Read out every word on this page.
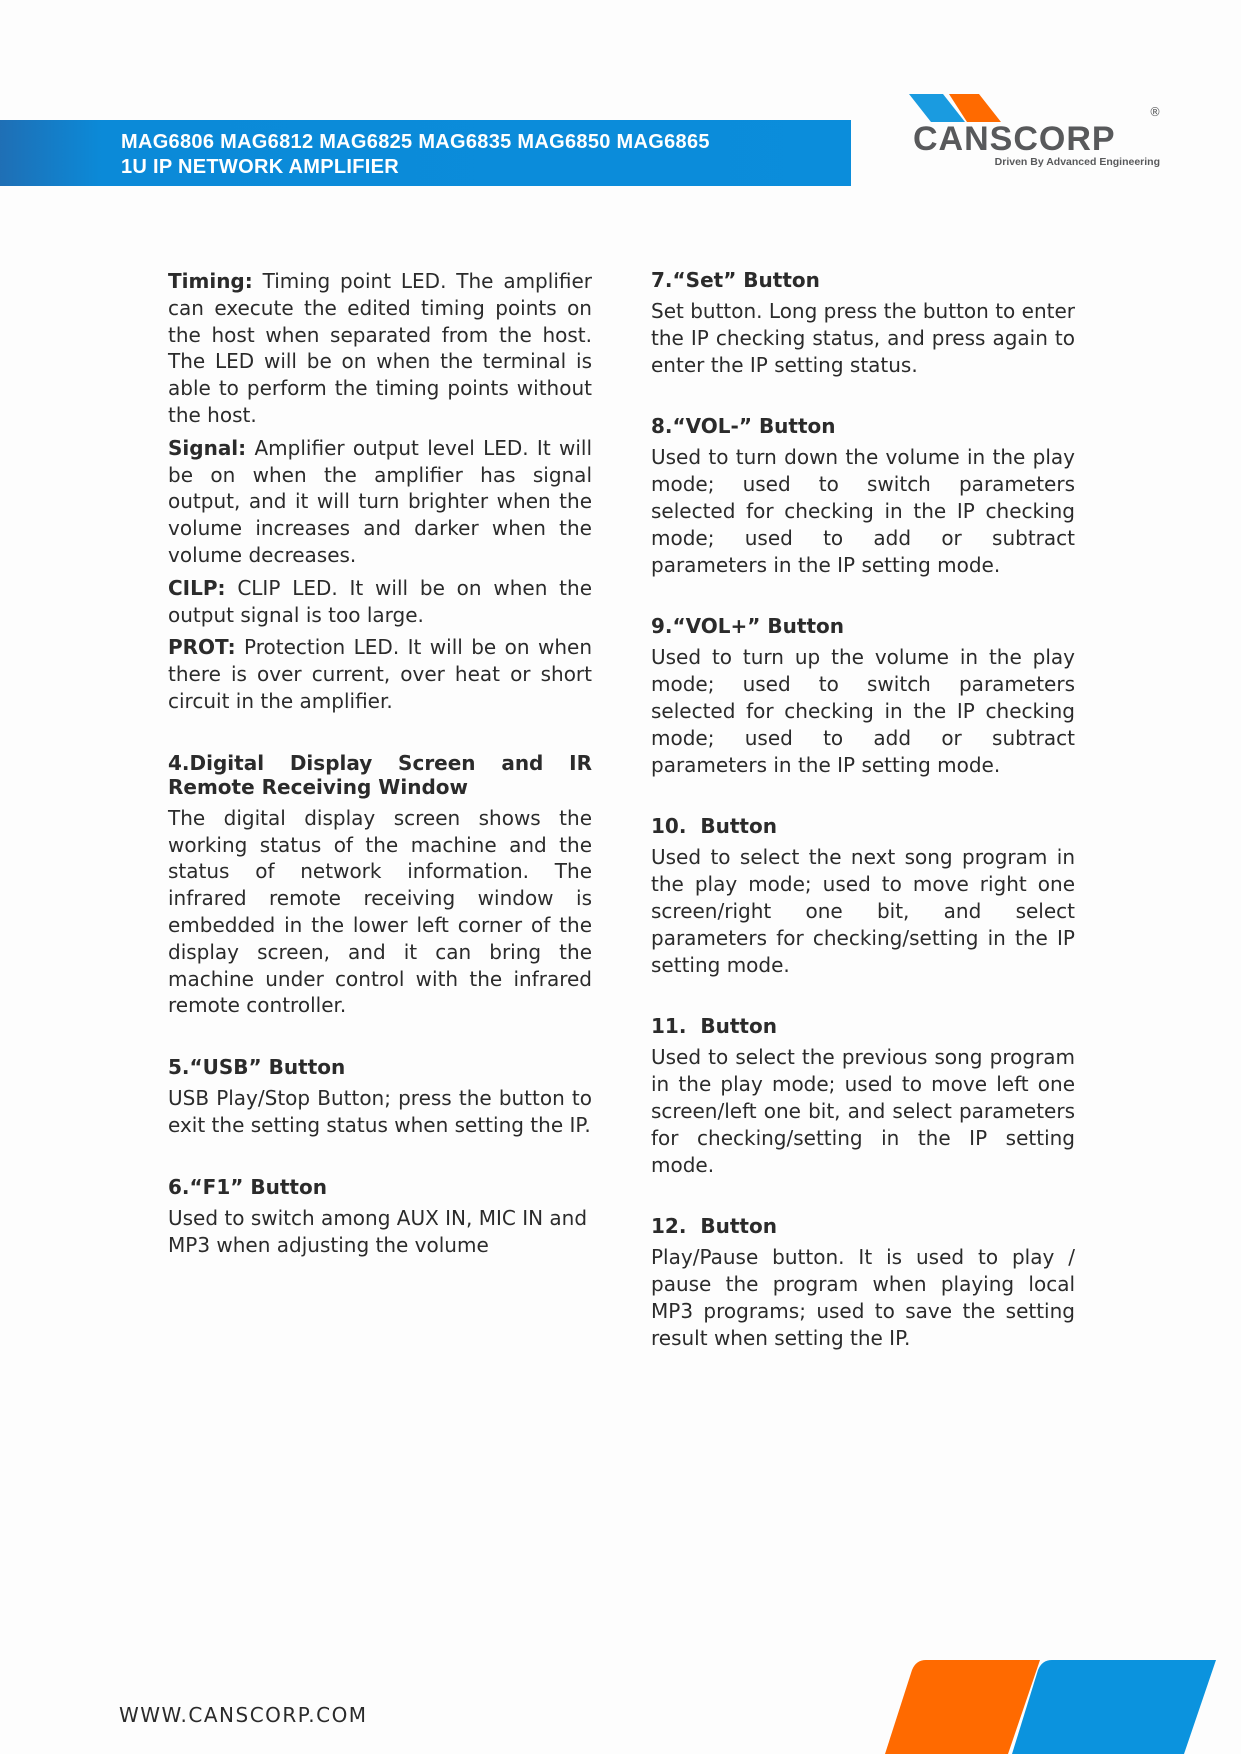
MAG6806 MAG6812 MAG6825 MAG6835 MAG6850 MAG6865
1U IP NETWORK AMPLIFIER
®
CANSCORP
Driven By Advanced Engineering

Timing: Timing point LED. The amplifier can execute the edited timing points on the host when separated from the host. The LED will be on when the terminal is able to perform the timing points without the host.

Signal: Amplifier output level LED. It will be on when the amplifier has signal output, and it will turn brighter when the volume increases and darker when the volume decreases.

CILP: CLIP LED. It will be on when the output signal is too large.

PROT: Protection LED. It will be on when there is over current, over heat or short circuit in the amplifier.

4.Digital Display Screen and IR Remote Receiving Window

The digital display screen shows the working status of the machine and the status of network information. The infrared remote receiving window is embedded in the lower left corner of the display screen, and it can bring the machine under control with the infrared remote controller.

5.“USB” Button

USB Play/Stop Button; press the button to exit the setting status when setting the IP.

6.“F1” Button

Used to switch among AUX IN, MIC IN and MP3 when adjusting the volume

7.“Set” Button

Set button. Long press the button to enter the IP checking status, and press again to enter the IP setting status.

8.“VOL-” Button

Used to turn down the volume in the play mode; used to switch parameters selected for checking in the IP checking mode; used to add or subtract parameters in the IP setting mode.

9.“VOL+” Button

Used to turn up the volume in the play mode; used to switch parameters selected for checking in the IP checking mode; used to add or subtract parameters in the IP setting mode.

10.  Button

Used to select the next song program in the play mode; used to move right one screen/right one bit, and select parameters for checking/setting in the IP setting mode.

11.  Button

Used to select the previous song program in the play mode; used to move left one screen/left one bit, and select parameters for checking/setting in the IP setting mode.

12.  Button

Play/Pause button. It is used to play / pause the program when playing local MP3 programs; used to save the setting result when setting the IP.

WWW.CANSCORP.COM
